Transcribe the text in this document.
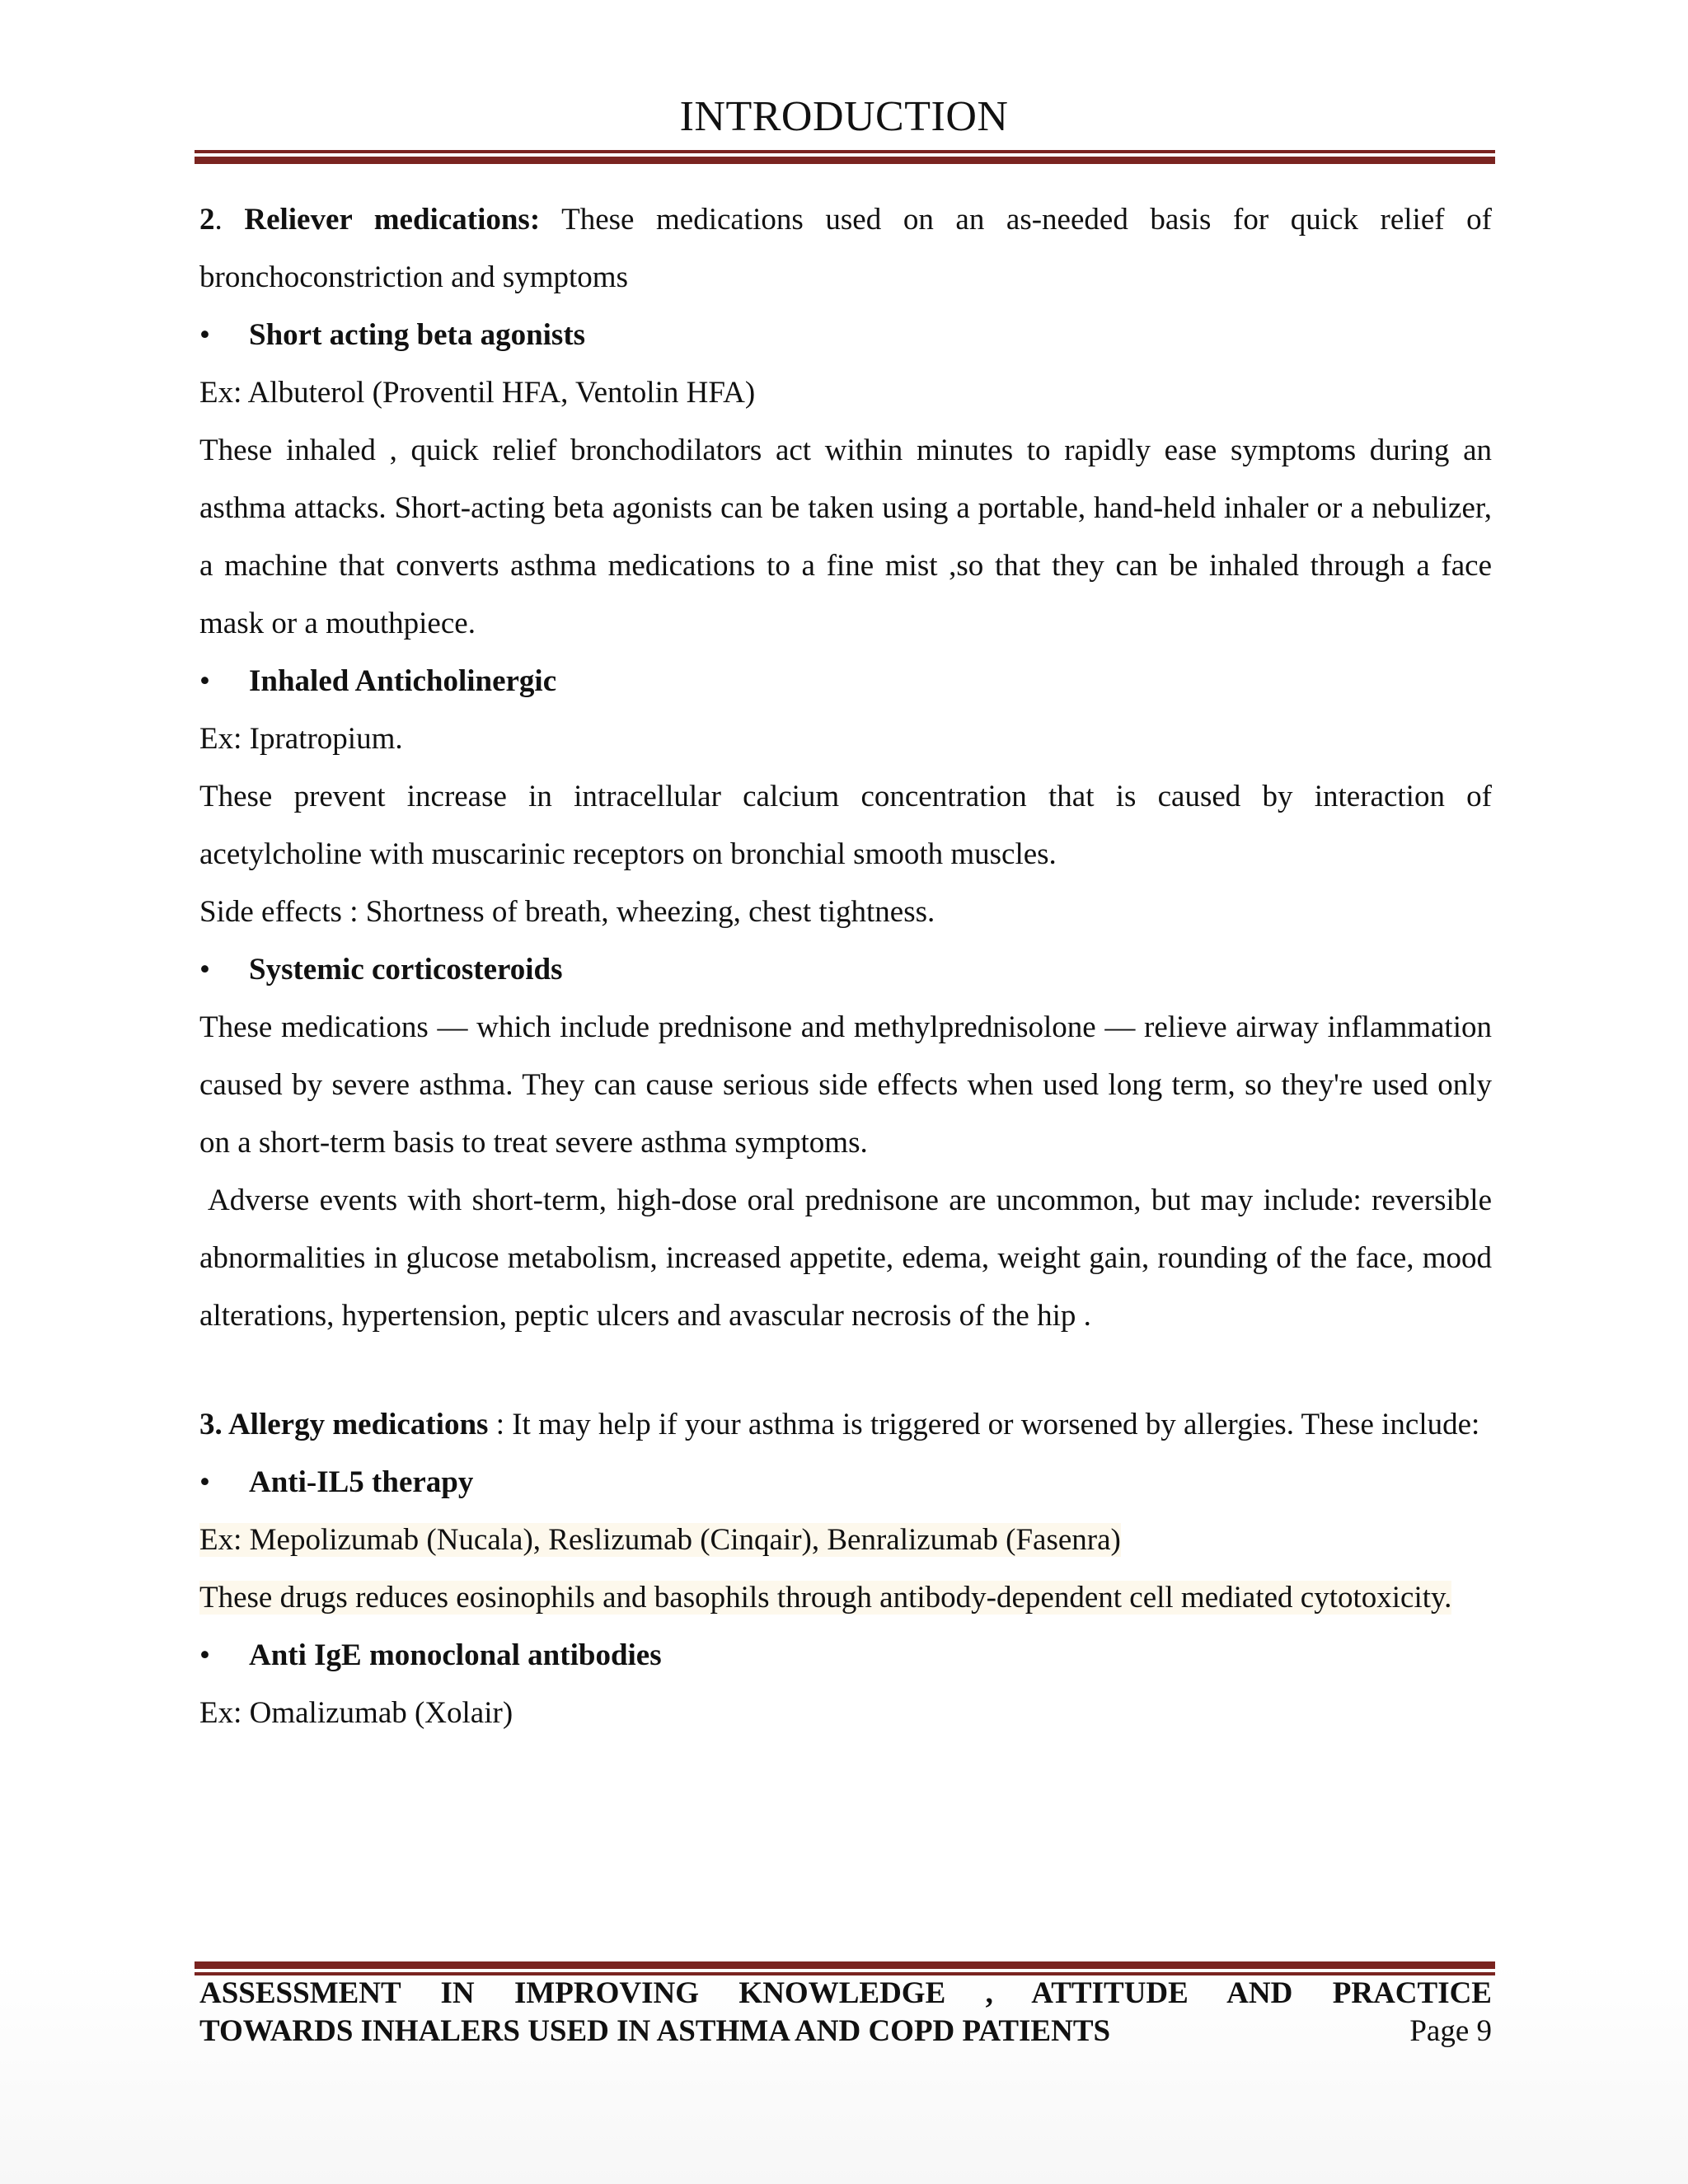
INTRODUCTION

2. Reliever medications: These medications used on an as-needed basis for quick relief of

bronchoconstriction and symptoms

• Short acting beta agonists

Ex: Albuterol (Proventil HFA, Ventolin HFA)

These inhaled , quick relief bronchodilators act within minutes to rapidly ease symptoms during an asthma attacks. Short-acting beta agonists can be taken using a portable, hand-held inhaler or a nebulizer, a machine that converts asthma medications to a fine mist ,so that they can be inhaled through a face mask or a mouthpiece.

• Inhaled Anticholinergic

Ex: Ipratropium.

These prevent increase in intracellular calcium concentration that is caused by interaction of acetylcholine with muscarinic receptors on bronchial smooth muscles.

Side effects : Shortness of breath, wheezing, chest tightness.

• Systemic corticosteroids

These medications — which include prednisone and methylprednisolone — relieve airway inflammation caused by severe asthma. They can cause serious side effects when used long term, so they're used only on a short-term basis to treat severe asthma symptoms.

Adverse events with short-term, high-dose oral prednisone are uncommon, but may include: reversible abnormalities in glucose metabolism, increased appetite, edema, weight gain, rounding of the face, mood alterations, hypertension, peptic ulcers and avascular necrosis of the hip .

3. Allergy medications : It may help if your asthma is triggered or worsened by allergies. These include:

• Anti-IL5 therapy

Ex: Mepolizumab (Nucala), Reslizumab (Cinqair), Benralizumab (Fasenra)

These drugs reduces eosinophils and basophils through antibody-dependent cell mediated cytotoxicity.

• Anti IgE monoclonal antibodies

Ex: Omalizumab (Xolair)

ASSESSMENT IN IMPROVING KNOWLEDGE , ATTITUDE AND PRACTICE
TOWARDS INHALERS USED IN ASTHMA AND COPD PATIENTS	Page 9
